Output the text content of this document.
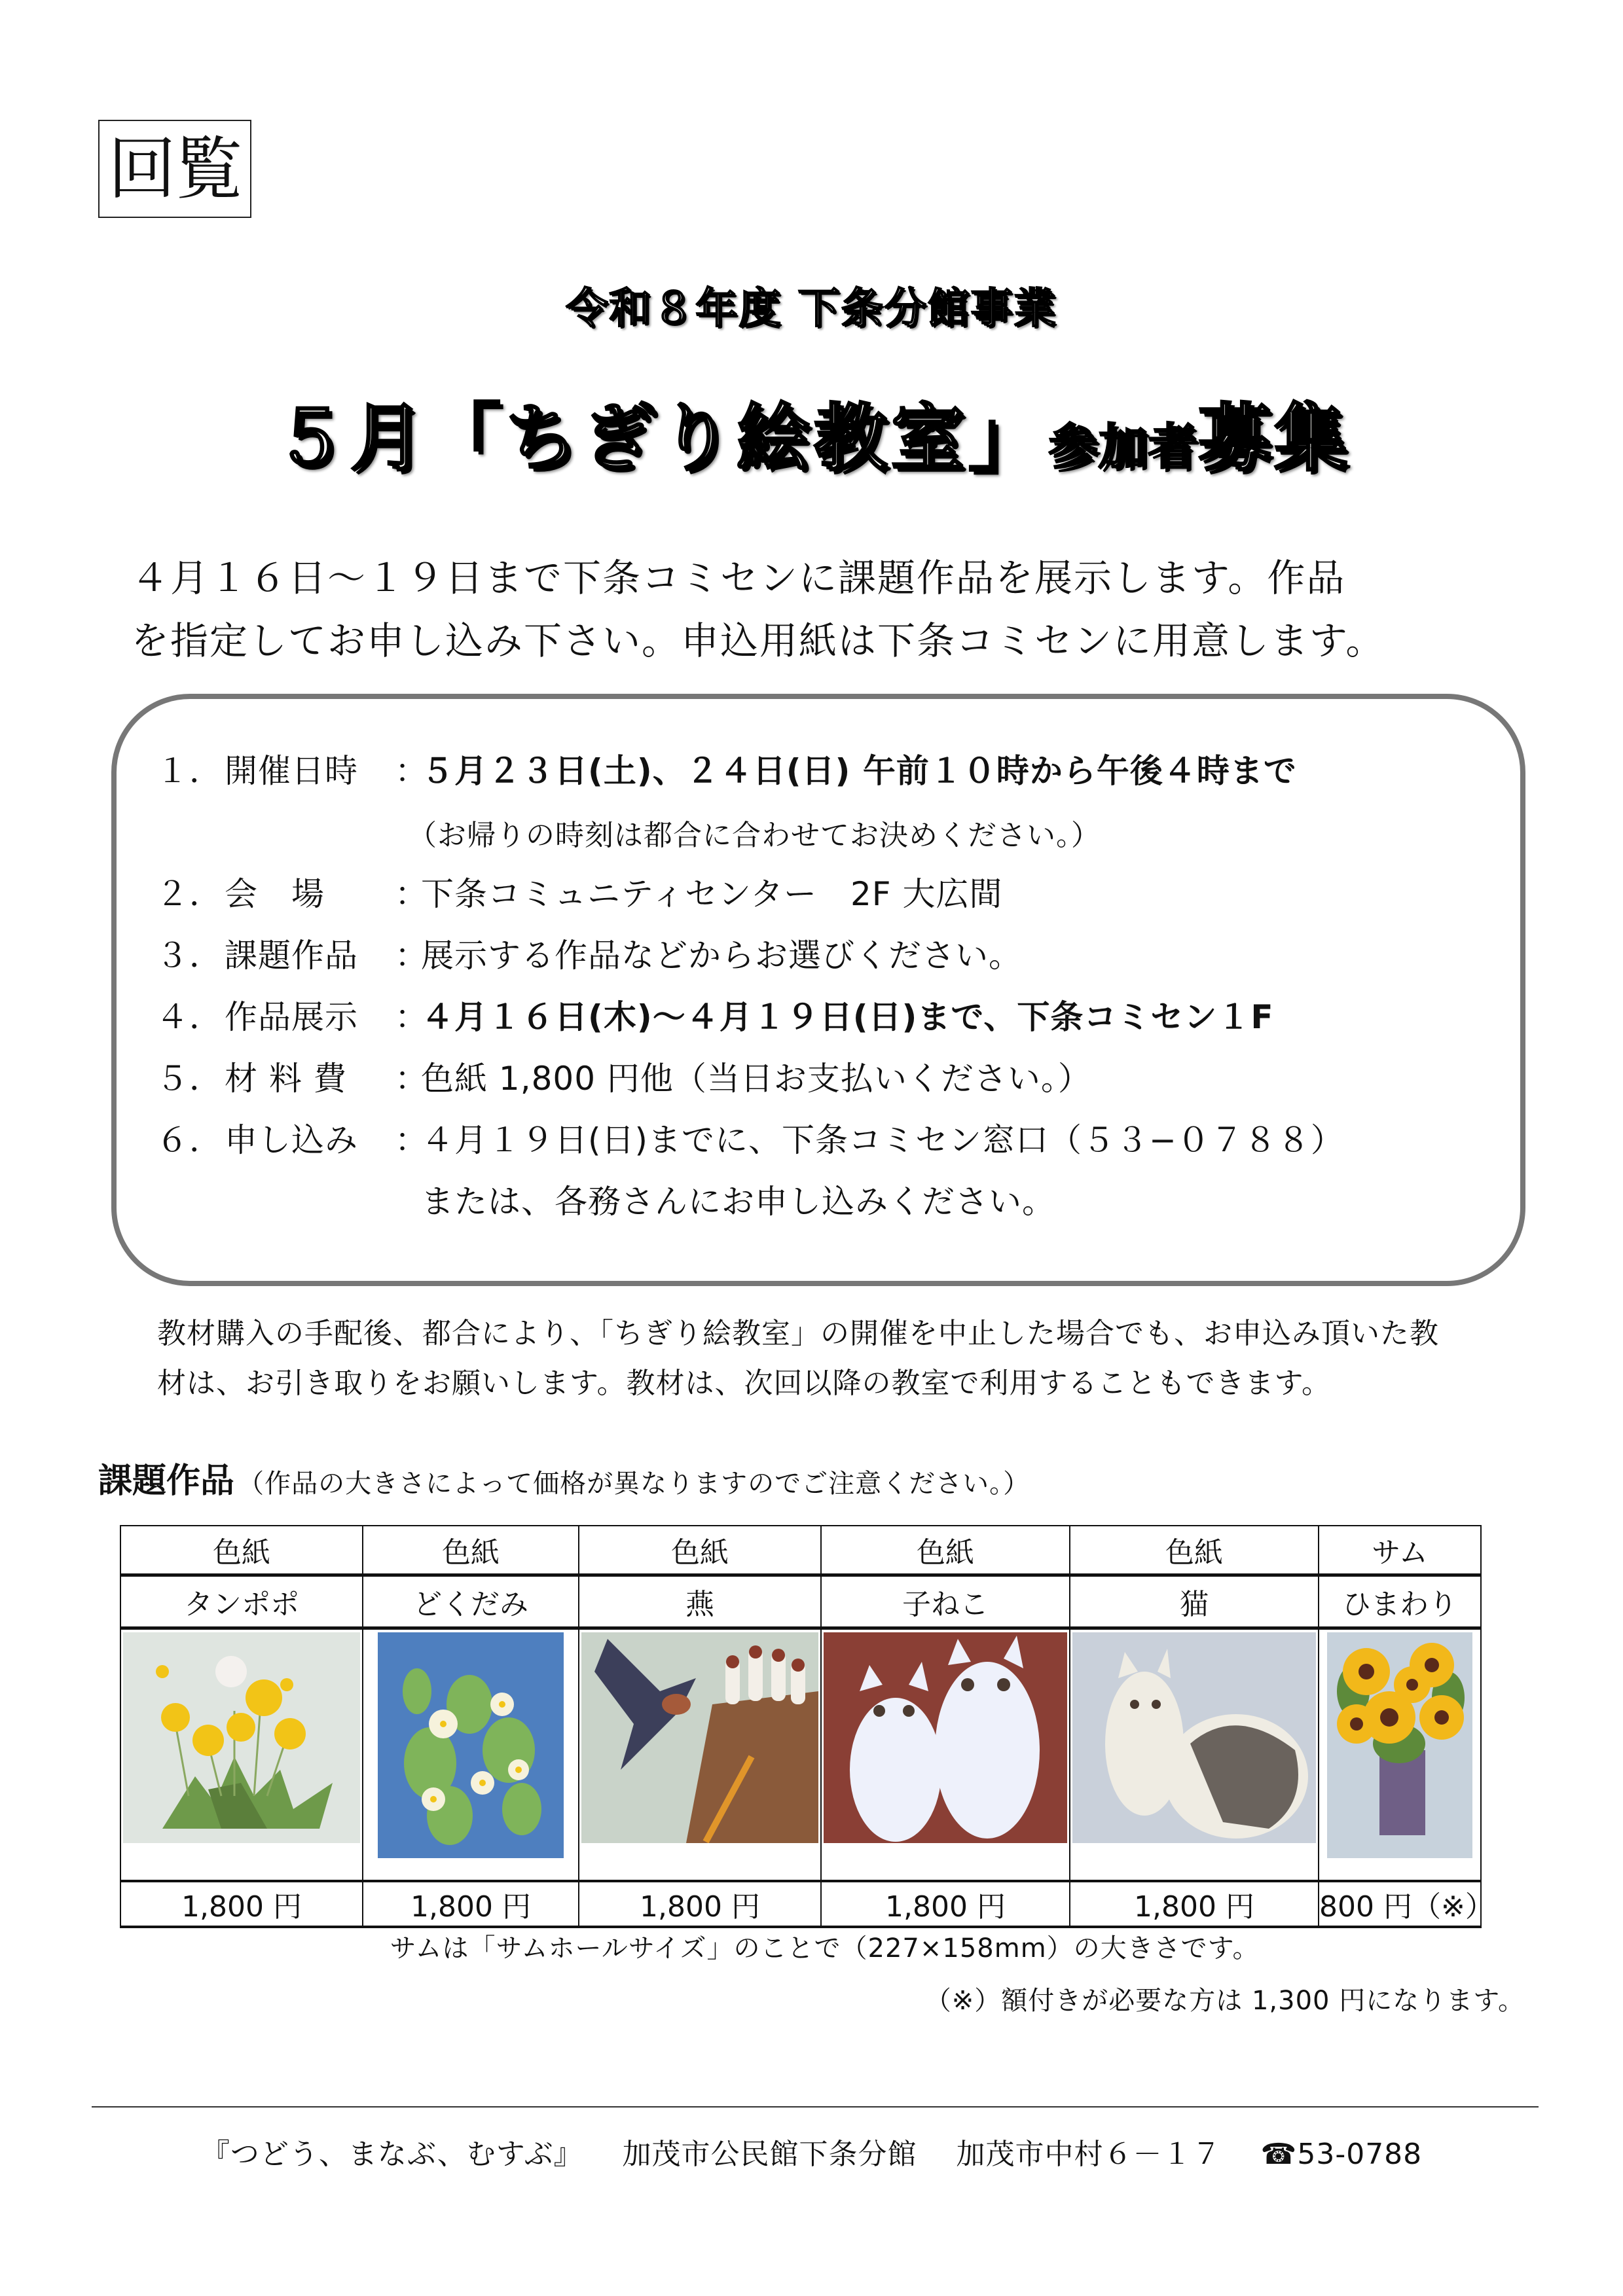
回覧
令和８年度 下条分館事業
５月「ちぎり絵教室」 参加者募集
４月１６日～１９日まで下条コミセンに課題作品を展示します。作品
を指定してお申し込み下さい。申込用紙は下条コミセンに用意します。
１．開催日時 ：５月２３日(土)、２４日(日) 午前１０時から午後４時まで
（お帰りの時刻は都合に合わせてお決めください。）
２．会　場 ：下条コミュニティセンター　2F 大広間
３．課題作品 ：展示する作品などからお選びください。
４．作品展示 ：４月１６日(木)～４月１９日(日)まで、下条コミセン１F
５．材 料 費 ：色紙 1,800 円他（当日お支払いください。）
６．申し込み ：４月１９日(日)までに、下条コミセン窓口（５３−０７８８）
または、各務さんにお申し込みください。
教材購入の手配後、都合により、「ちぎり絵教室」の開催を中止した場合でも、お申込み頂いた教
材は、お引き取りをお願いします。教材は、次回以降の教室で利用することもできます。
課題作品 （作品の大きさによって価格が異なりますのでご注意ください。）
色紙	色紙	色紙	色紙	色紙	サム
タンポポ	どくだみ	燕	子ねこ	猫	ひまわり

1,800 円	1,800 円	1,800 円	1,800 円	1,800 円	800 円（※）
サムは「サムホールサイズ」のことで（227×158mm）の大きさです。
（※）額付きが必要な方は 1,300 円になります。
『つどう、まなぶ、むすぶ』 加茂市公民館下条分館 加茂市中村６－１７ ☎53-0788
